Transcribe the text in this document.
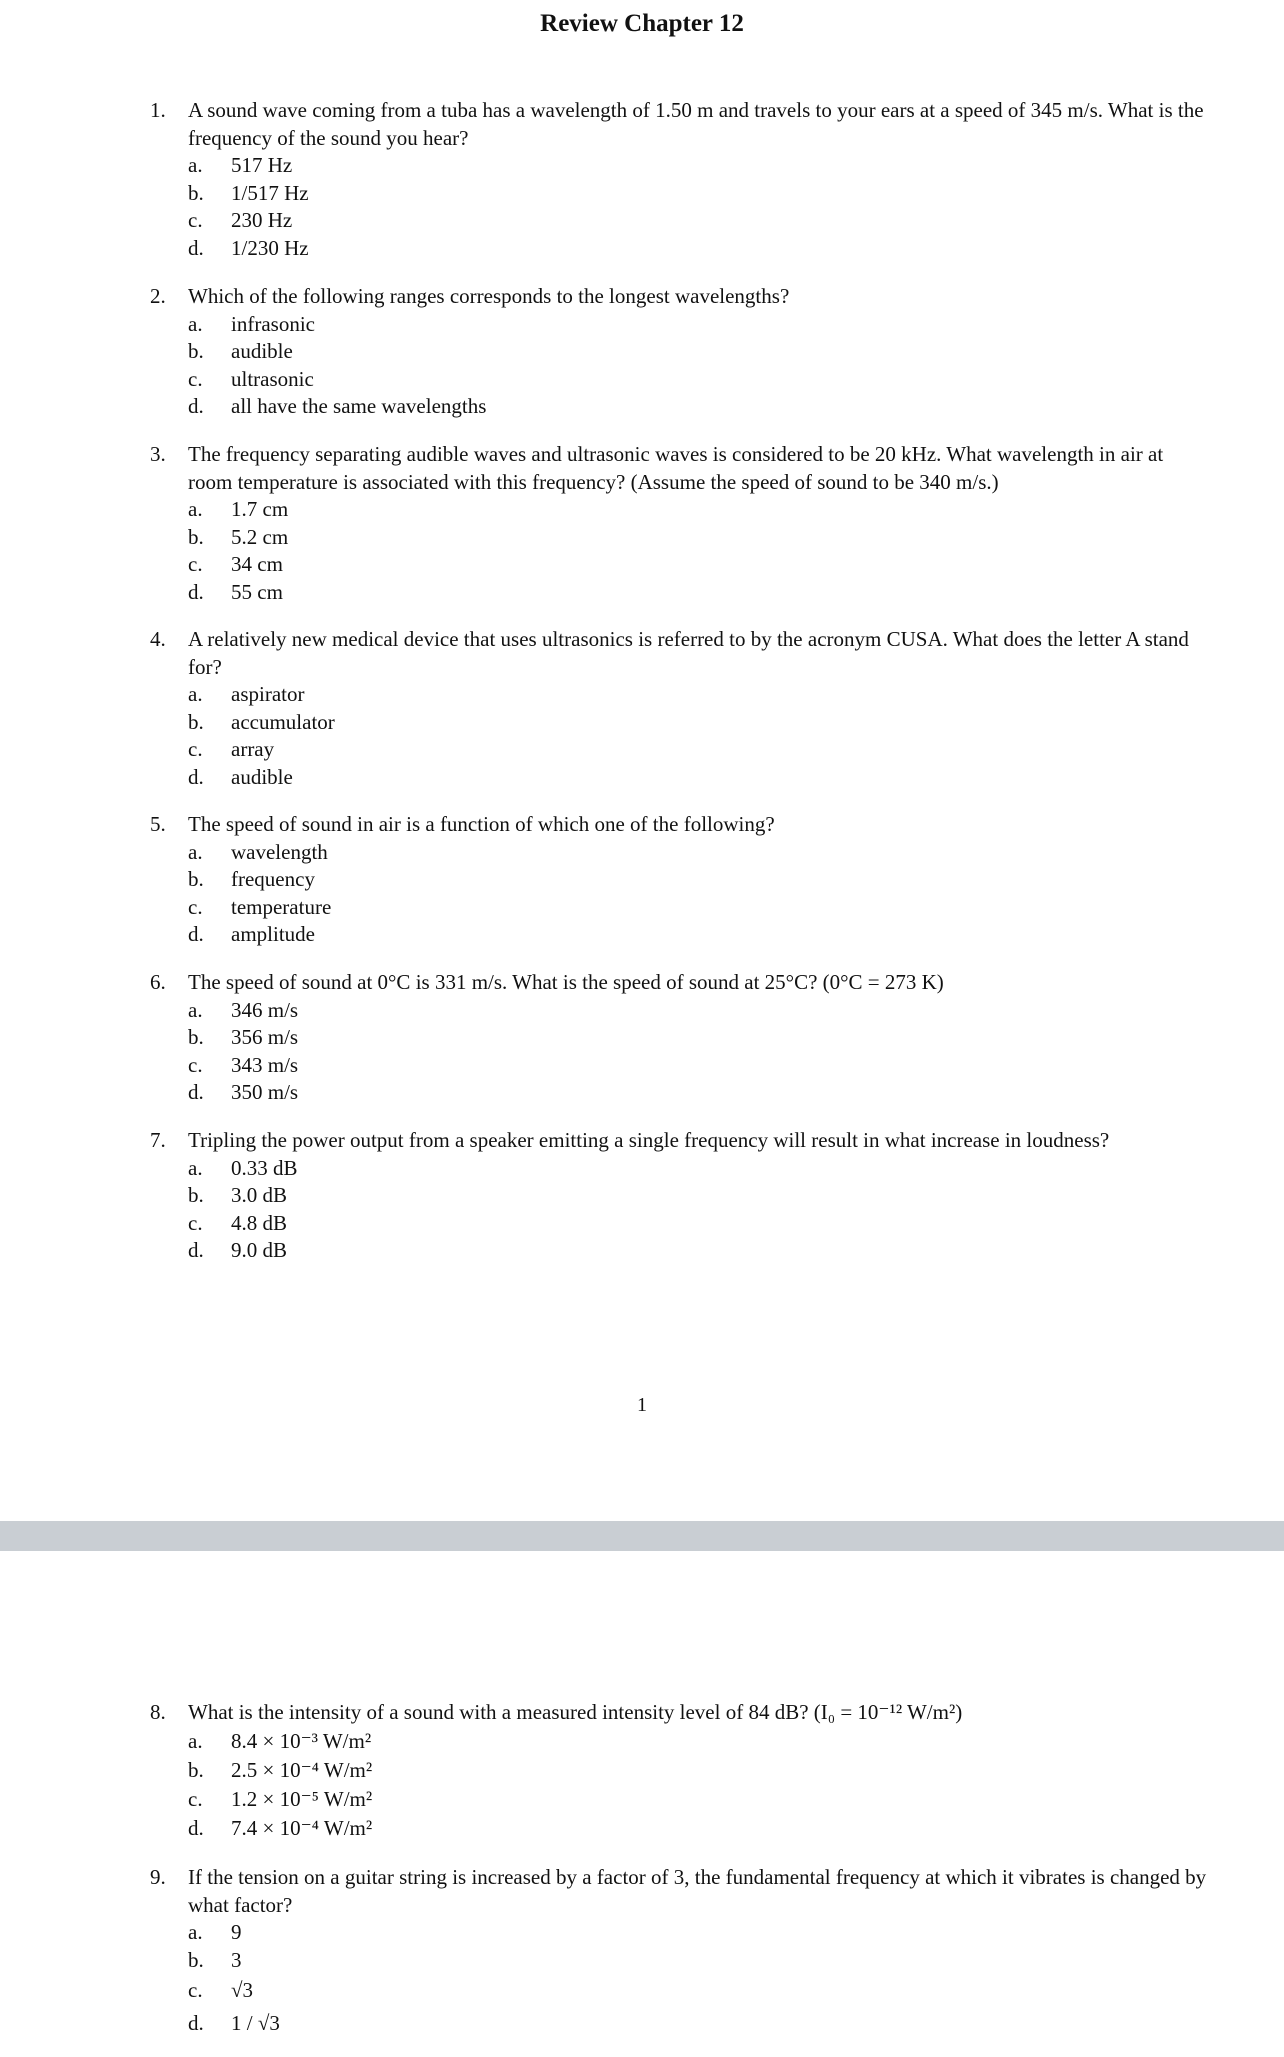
Review Chapter 12
1.	A sound wave coming from a tuba has a wavelength of 1.50 m and travels to your ears at a speed of 345 m/s. What is the frequency of the sound you hear?
a.	517 Hz
b.	1/517 Hz
c.	230 Hz
d.	1/230 Hz
2.	Which of the following ranges corresponds to the longest wavelengths?
a.	infrasonic
b.	audible
c.	ultrasonic
d.	all have the same wavelengths
3.	The frequency separating audible waves and ultrasonic waves is considered to be 20 kHz. What wavelength in air at room temperature is associated with this frequency? (Assume the speed of sound to be 340 m/s.)
a.	1.7 cm
b.	5.2 cm
c.	34 cm
d.	55 cm
4.	A relatively new medical device that uses ultrasonics is referred to by the acronym CUSA. What does the letter A stand for?
a.	aspirator
b.	accumulator
c.	array
d.	audible
5.	The speed of sound in air is a function of which one of the following?
a.	wavelength
b.	frequency
c.	temperature
d.	amplitude
6.	The speed of sound at 0°C is 331 m/s. What is the speed of sound at 25°C? (0°C = 273 K)
a.	346 m/s
b.	356 m/s
c.	343 m/s
d.	350 m/s
7.	Tripling the power output from a speaker emitting a single frequency will result in what increase in loudness?
a.	0.33 dB
b.	3.0 dB
c.	4.8 dB
d.	9.0 dB
1
8.	What is the intensity of a sound with a measured intensity level of 84 dB? (I₀ = 10⁻¹² W/m²)
a.	8.4 × 10⁻³ W/m²
b.	2.5 × 10⁻⁴ W/m²
c.	1.2 × 10⁻⁵ W/m²
d.	7.4 × 10⁻⁴ W/m²
9.	If the tension on a guitar string is increased by a factor of 3, the fundamental frequency at which it vibrates is changed by what factor?
a.	9
b.	3
c.	√3
d.	1 / √3
